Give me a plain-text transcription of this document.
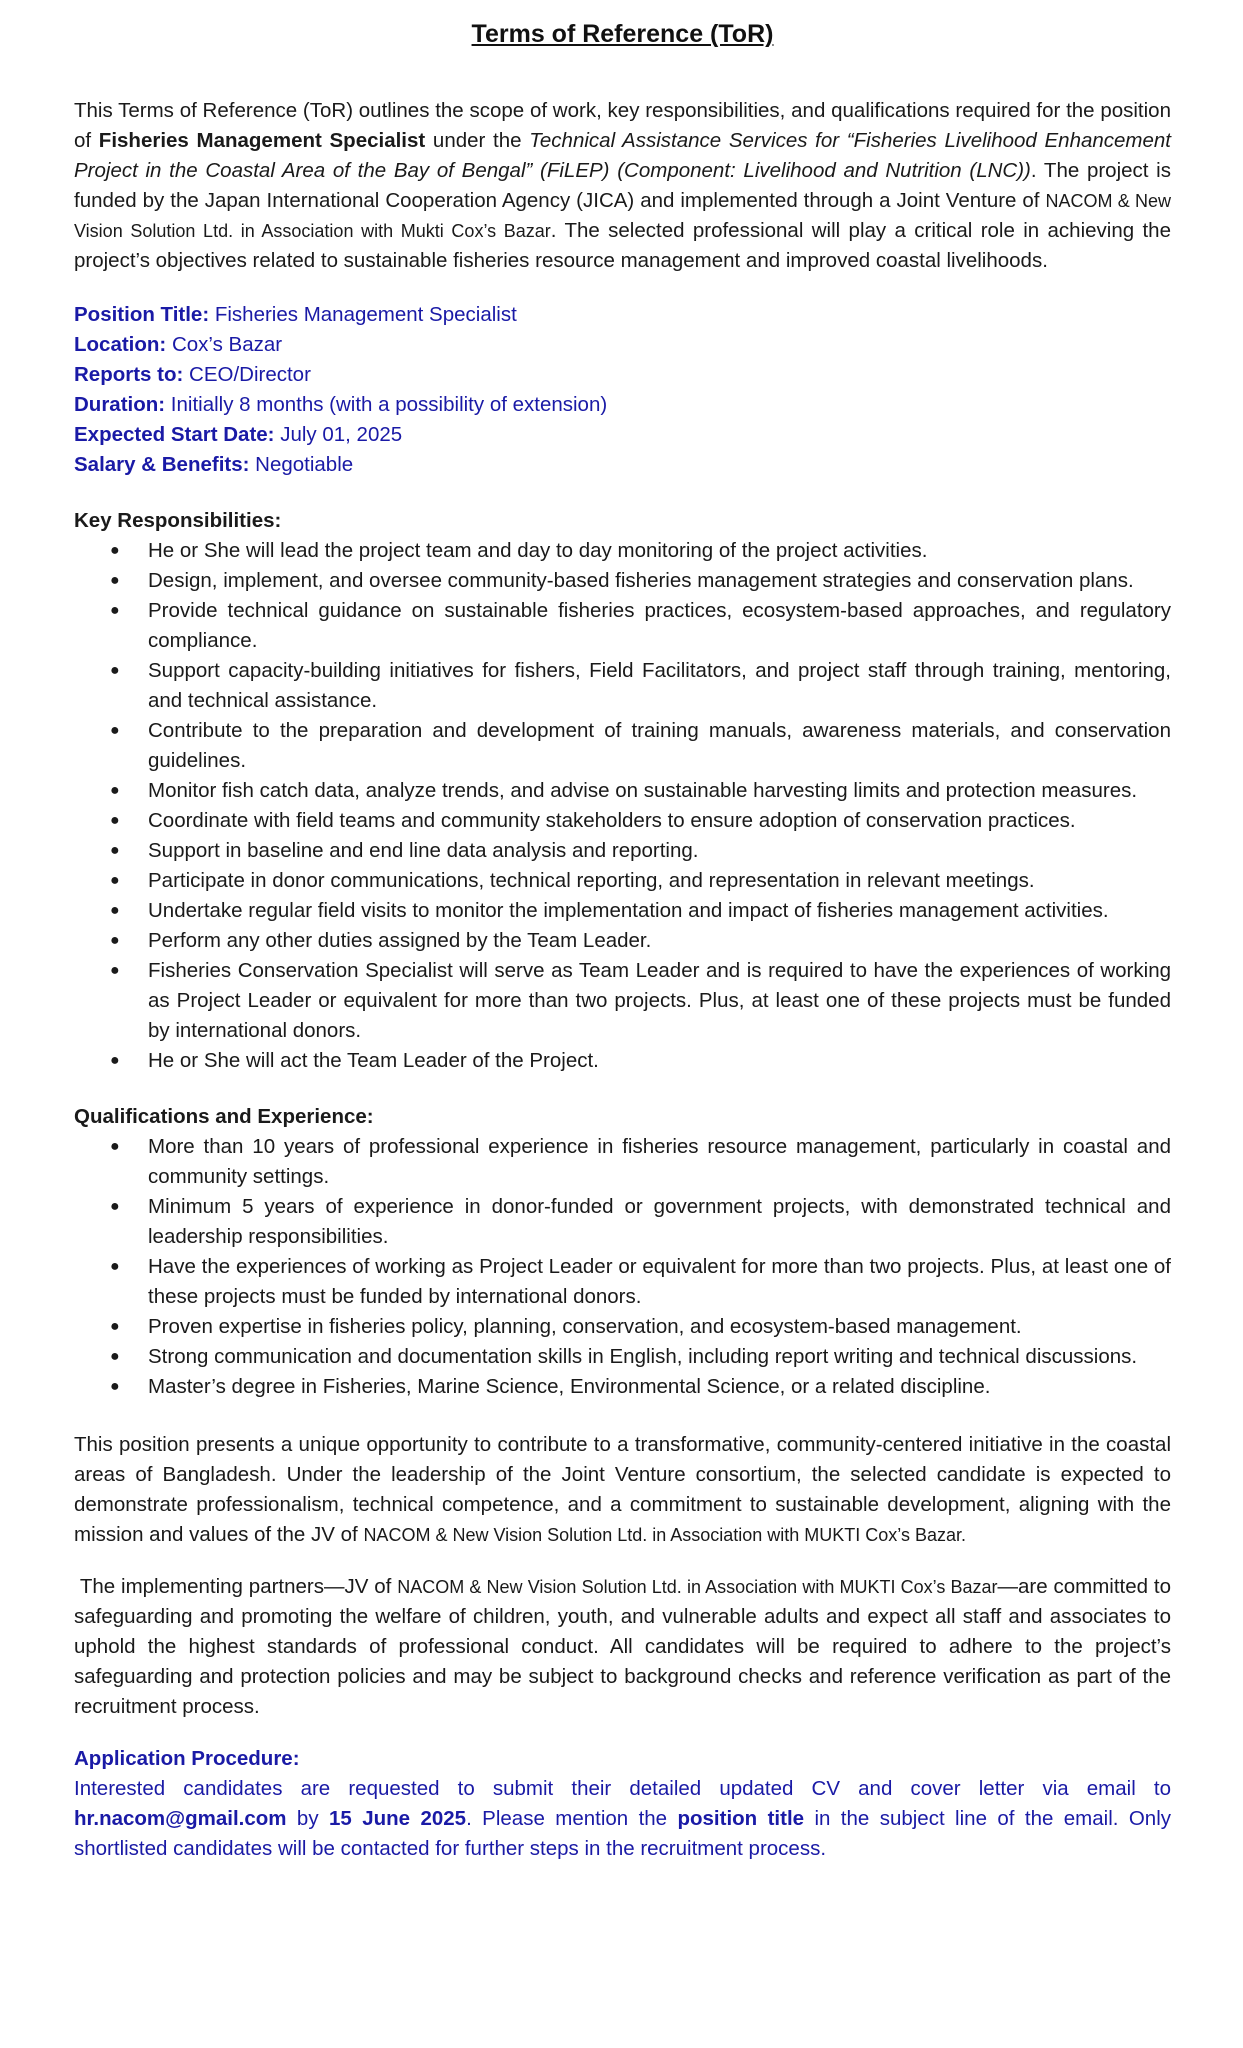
Terms of Reference (ToR)

This Terms of Reference (ToR) outlines the scope of work, key responsibilities, and qualifications required for the position of Fisheries Management Specialist under the Technical Assistance Services for “Fisheries Livelihood Enhancement Project in the Coastal Area of the Bay of Bengal” (FiLEP) (Component: Livelihood and Nutrition (LNC)). The project is funded by the Japan International Cooperation Agency (JICA) and implemented through a Joint Venture of NACOM & New Vision Solution Ltd. in Association with Mukti Cox’s Bazar. The selected professional will play a critical role in achieving the project’s objectives related to sustainable fisheries resource management and improved coastal livelihoods.

Position Title: Fisheries Management Specialist
Location: Cox’s Bazar
Reports to: CEO/Director
Duration: Initially 8 months (with a possibility of extension)
Expected Start Date: July 01, 2025
Salary & Benefits: Negotiable
Key Responsibilities:
● He or She will lead the project team and day to day monitoring of the project activities.
● Design, implement, and oversee community-based fisheries management strategies and conservation plans.
● Provide technical guidance on sustainable fisheries practices, ecosystem-based approaches, and regulatory compliance.
● Support capacity-building initiatives for fishers, Field Facilitators, and project staff through training, mentoring, and technical assistance.
● Contribute to the preparation and development of training manuals, awareness materials, and conservation guidelines.
● Monitor fish catch data, analyze trends, and advise on sustainable harvesting limits and protection measures.
● Coordinate with field teams and community stakeholders to ensure adoption of conservation practices.
● Support in baseline and end line data analysis and reporting.
● Participate in donor communications, technical reporting, and representation in relevant meetings.
● Undertake regular field visits to monitor the implementation and impact of fisheries management activities.
● Perform any other duties assigned by the Team Leader.
● Fisheries Conservation Specialist will serve as Team Leader and is required to have the experiences of working as Project Leader or equivalent for more than two projects. Plus, at least one of these projects must be funded by international donors.
● He or She will act the Team Leader of the Project.
Qualifications and Experience:
● More than 10 years of professional experience in fisheries resource management, particularly in coastal and community settings.
● Minimum 5 years of experience in donor-funded or government projects, with demonstrated technical and leadership responsibilities.
● Have the experiences of working as Project Leader or equivalent for more than two projects. Plus, at least one of these projects must be funded by international donors.
● Proven expertise in fisheries policy, planning, conservation, and ecosystem-based management.
● Strong communication and documentation skills in English, including report writing and technical discussions.
● Master’s degree in Fisheries, Marine Science, Environmental Science, or a related discipline.

This position presents a unique opportunity to contribute to a transformative, community-centered initiative in the coastal areas of Bangladesh. Under the leadership of the Joint Venture consortium, the selected candidate is expected to demonstrate professionalism, technical competence, and a commitment to sustainable development, aligning with the mission and values of the JV of NACOM & New Vision Solution Ltd. in Association with MUKTI Cox’s Bazar.

The implementing partners—JV of NACOM & New Vision Solution Ltd. in Association with MUKTI Cox’s Bazar—are committed to safeguarding and promoting the welfare of children, youth, and vulnerable adults and expect all staff and associates to uphold the highest standards of professional conduct. All candidates will be required to adhere to the project’s safeguarding and protection policies and may be subject to background checks and reference verification as part of the recruitment process.

Application Procedure:

Interested candidates are requested to submit their detailed updated CV and cover letter via email to hr.nacom@gmail.com by 15 June 2025. Please mention the position title in the subject line of the email. Only shortlisted candidates will be contacted for further steps in the recruitment process.
